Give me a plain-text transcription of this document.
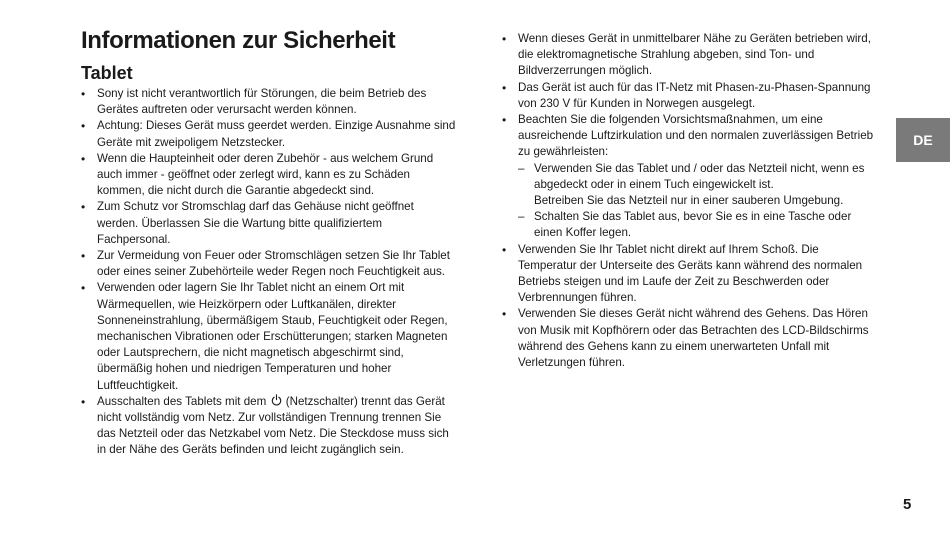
Informationen zur Sicherheit
Tablet
• Sony ist nicht verantwortlich für Störungen, die beim Betrieb des Gerätes auftreten oder verursacht werden können.
• Achtung: Dieses Gerät muss geerdet werden. Einzige Ausnahme sind Geräte mit zweipoligem Netzstecker.
• Wenn die Haupteinheit oder deren Zubehör - aus welchem Grund auch immer - geöffnet oder zerlegt wird, kann es zu Schäden kommen, die nicht durch die Garantie abgedeckt sind.
• Zum Schutz vor Stromschlag darf das Gehäuse nicht geöffnet werden. Überlassen Sie die Wartung bitte qualifiziertem Fachpersonal.
• Zur Vermeidung von Feuer oder Stromschlägen setzen Sie Ihr Tablet oder eines seiner Zubehörteile weder Regen noch Feuchtigkeit aus.
• Verwenden oder lagern Sie Ihr Tablet nicht an einem Ort mit Wärmequellen, wie Heizkörpern oder Luftkanälen, direkter Sonneneinstrahlung, übermäßigem Staub, Feuchtigkeit oder Regen, mechanischen Vibrationen oder Erschütterungen; starken Magneten oder Lautsprechern, die nicht magnetisch abgeschirmt sind, übermäßig hohen und niedrigen Temperaturen und hoher Luftfeuchtigkeit.
• Ausschalten des Tablets mit dem
(Netzschalter) trennt das Gerät nicht vollständig vom Netz. Zur vollständigen Trennung trennen Sie das Netzteil oder das Netzkabel vom Netz. Die Steckdose muss sich in der Nähe des Geräts befinden und leicht zugänglich sein.
• Wenn dieses Gerät in unmittelbarer Nähe zu Geräten betrieben wird, die elektromagnetische Strahlung abgeben, sind Ton- und Bildverzerrungen möglich.
• Das Gerät ist auch für das IT-Netz mit Phasen-zu-Phasen-Spannung von 230 V für Kunden in Norwegen ausgelegt.
• Beachten Sie die folgenden Vorsichtsmaßnahmen, um eine ausreichende Luftzirkulation und den normalen zuverlässigen Betrieb zu gewährleisten:
– Verwenden Sie das Tablet und / oder das Netzteil nicht, wenn es abgedeckt oder in einem Tuch eingewickelt ist.
Betreiben Sie das Netzteil nur in einer sauberen Umgebung.
– Schalten Sie das Tablet aus, bevor Sie es in eine Tasche oder einen Koffer legen.
• Verwenden Sie Ihr Tablet nicht direkt auf Ihrem Schoß. Die Temperatur der Unterseite des Geräts kann während des normalen Betriebs steigen und im Laufe der Zeit zu Beschwerden oder Verbrennungen führen.
• Verwenden Sie dieses Gerät nicht während des Gehens. Das Hören von Musik mit Kopfhörern oder das Betrachten des LCD-Bildschirms während des Gehens kann zu einem unerwarteten Unfall mit Verletzungen führen.
DE
5
